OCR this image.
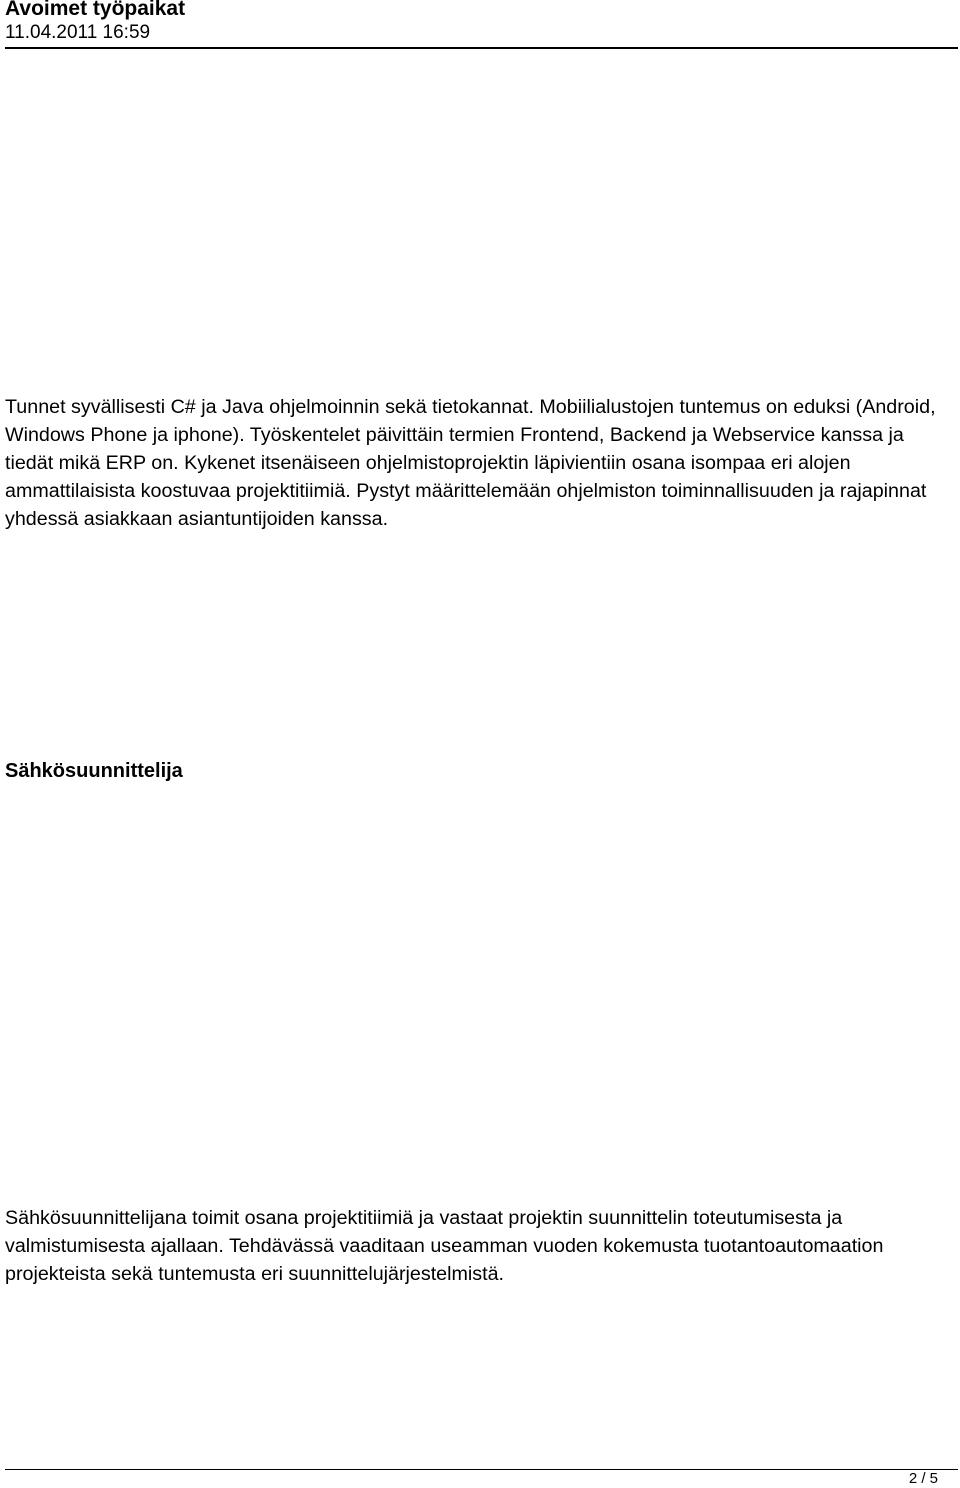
Avoimet työpaikat
11.04.2011 16:59

Tunnet syvällisesti C# ja Java ohjelmoinnin sekä tietokannat. Mobiilialustojen tuntemus on eduksi (Android, Windows Phone ja iphone). Työskentelet päivittäin termien Frontend, Backend ja Webservice kanssa ja tiedät mikä ERP on. Kykenet itsenäiseen ohjelmistoprojektin läpivientiin osana isompaa eri alojen ammattilaisista koostuvaa projektitiimiä. Pystyt määrittelemään ohjelmiston toiminnallisuuden ja rajapinnat yhdessä asiakkaan asiantuntijoiden kanssa.

Sähkösuunnittelija

Sähkösuunnittelijana toimit osana projektitiimiä ja vastaat projektin suunnittelin toteutumisesta ja valmistumisesta ajallaan. Tehdävässä vaaditaan useamman vuoden kokemusta tuotantoautomaation projekteista sekä tuntemusta eri suunnittelujärjestelmistä.

2 / 5
